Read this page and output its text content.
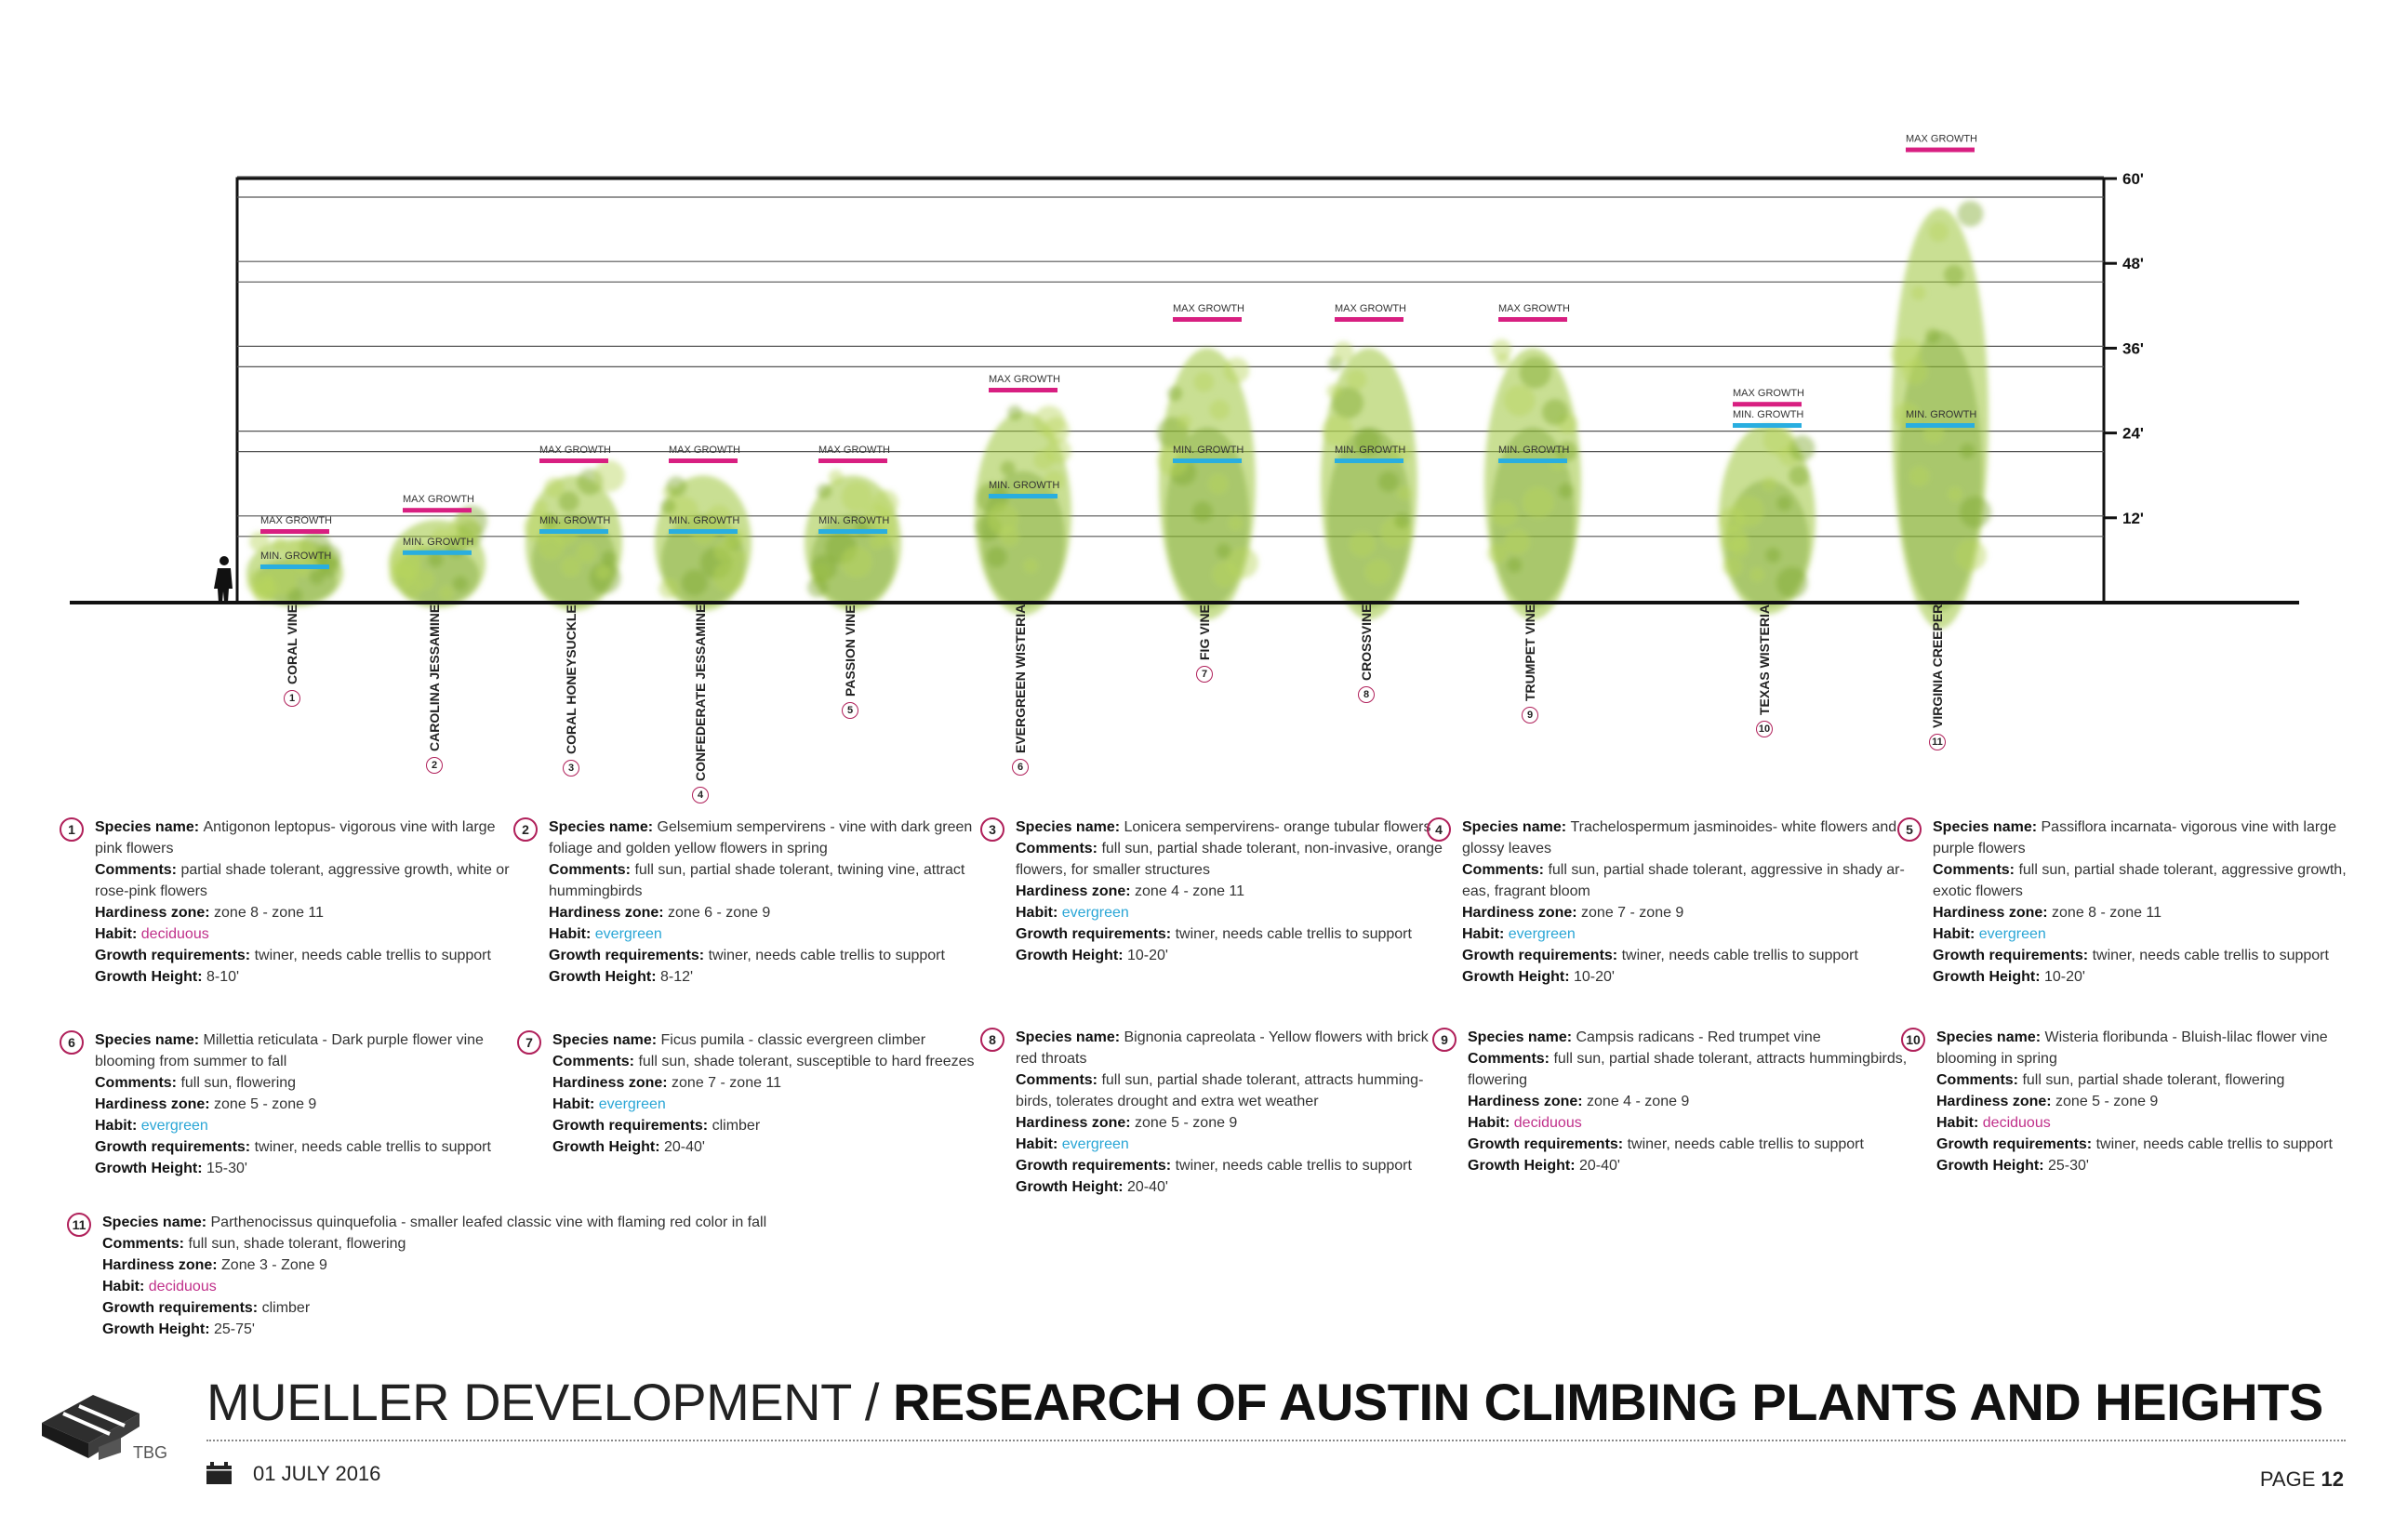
MAX GROWTH
MIN. GROWTH
MAX GROWTH
MIN. GROWTH
MAX GROWTH
MIN. GROWTH
MAX GROWTH
MIN. GROWTH
MAX GROWTH
MIN. GROWTH
MAX GROWTH
MIN. GROWTH
MAX GROWTH
MIN. GROWTH
MAX GROWTH
MIN. GROWTH
MAX GROWTH
MIN. GROWTH
MAX GROWTH
MIN. GROWTH
MAX GROWTH
MIN. GROWTH
12'
24'
36'
48'
60'
1
CORAL VINE
2
CAROLINA JESSAMINE
3
CORAL HONEYSUCKLE
4
CONFEDERATE JESSAMINE	5
PASSION VINE
6
EVERGREEN WISTERIA	7
FIG VINE
8
CROSSVINE
9
TRUMPET VINE
10
TEXAS WISTERIA
11
VIRGINIA CREEPER
1	Species name: Antigonon leptopus- vigorous vine with large
pink flowers
Comments: partial shade tolerant, aggressive growth, white or
rose-pink flowers
Hardiness zone: zone 8 - zone 11
Habit: deciduous
Growth requirements: twiner, needs cable trellis to support
Growth Height: 8-10'
2	Species name: Gelsemium sempervirens - vine with dark green
foliage and golden yellow flowers in spring
Comments: full sun, partial shade tolerant, twining vine, attract
hummingbirds
Hardiness zone: zone 6 - zone 9
Habit: evergreen
Growth requirements: twiner, needs cable trellis to support
Growth Height: 8-12'
3	Species name: Lonicera sempervirens- orange tubular flowers
Comments: full sun, partial shade tolerant, non-invasive, orange
flowers, for smaller structures
Hardiness zone: zone 4 - zone 11
Habit: evergreen
Growth requirements: twiner, needs cable trellis to support
Growth Height: 10-20'
4	Species name: Trachelospermum jasminoides- white flowers and
glossy leaves
Comments: full sun, partial shade tolerant, aggressive in shady ar-
eas, fragrant bloom
Hardiness zone: zone 7 - zone 9
Habit: evergreen
Growth requirements: twiner, needs cable trellis to support
Growth Height: 10-20'
5	Species name: Passiflora incarnata- vigorous vine with large
purple flowers
Comments: full sun, partial shade tolerant, aggressive growth,
exotic flowers
Hardiness zone: zone 8 - zone 11
Habit: evergreen
Growth requirements: twiner, needs cable trellis to support
Growth Height: 10-20'
6	Species name: Millettia reticulata - Dark purple flower vine
blooming from summer to fall
Comments: full sun, flowering
Hardiness zone: zone 5 - zone 9
Habit: evergreen
Growth requirements: twiner, needs cable trellis to support
Growth Height: 15-30'
7	Species name: Ficus pumila - classic evergreen climber
Comments: full sun, shade tolerant, susceptible to hard freezes
Hardiness zone: zone 7 - zone 11
Habit: evergreen
Growth requirements: climber
Growth Height: 20-40'
8	Species name: Bignonia capreolata - Yellow flowers with brick
red throats
Comments: full sun, partial shade tolerant, attracts humming-
birds, tolerates drought and extra wet weather
Hardiness zone: zone 5 - zone 9
Habit: evergreen
Growth requirements: twiner, needs cable trellis to support
Growth Height: 20-40'
9	Species name: Campsis radicans - Red trumpet vine
Comments: full sun, partial shade tolerant, attracts hummingbirds,
flowering
Hardiness zone: zone 4 - zone 9
Habit: deciduous
Growth requirements: twiner, needs cable trellis to support
Growth Height: 20-40'
10	Species name: Wisteria floribunda - Bluish-lilac flower vine
blooming in spring
Comments: full sun, partial shade tolerant, flowering
Hardiness zone: zone 5 - zone 9
Habit: deciduous
Growth requirements: twiner, needs cable trellis to support
Growth Height: 25-30'
11	Species name: Parthenocissus quinquefolia - smaller leafed classic vine with flaming red color in fall
Comments: full sun, shade tolerant, flowering
Hardiness zone: Zone 3 - Zone 9
Habit: deciduous
Growth requirements: climber
Growth Height: 25-75'
TBG
MUELLER DEVELOPMENT / RESEARCH OF AUSTIN CLIMBING PLANTS AND HEIGHTS
01 JULY 2016	PAGE 12
